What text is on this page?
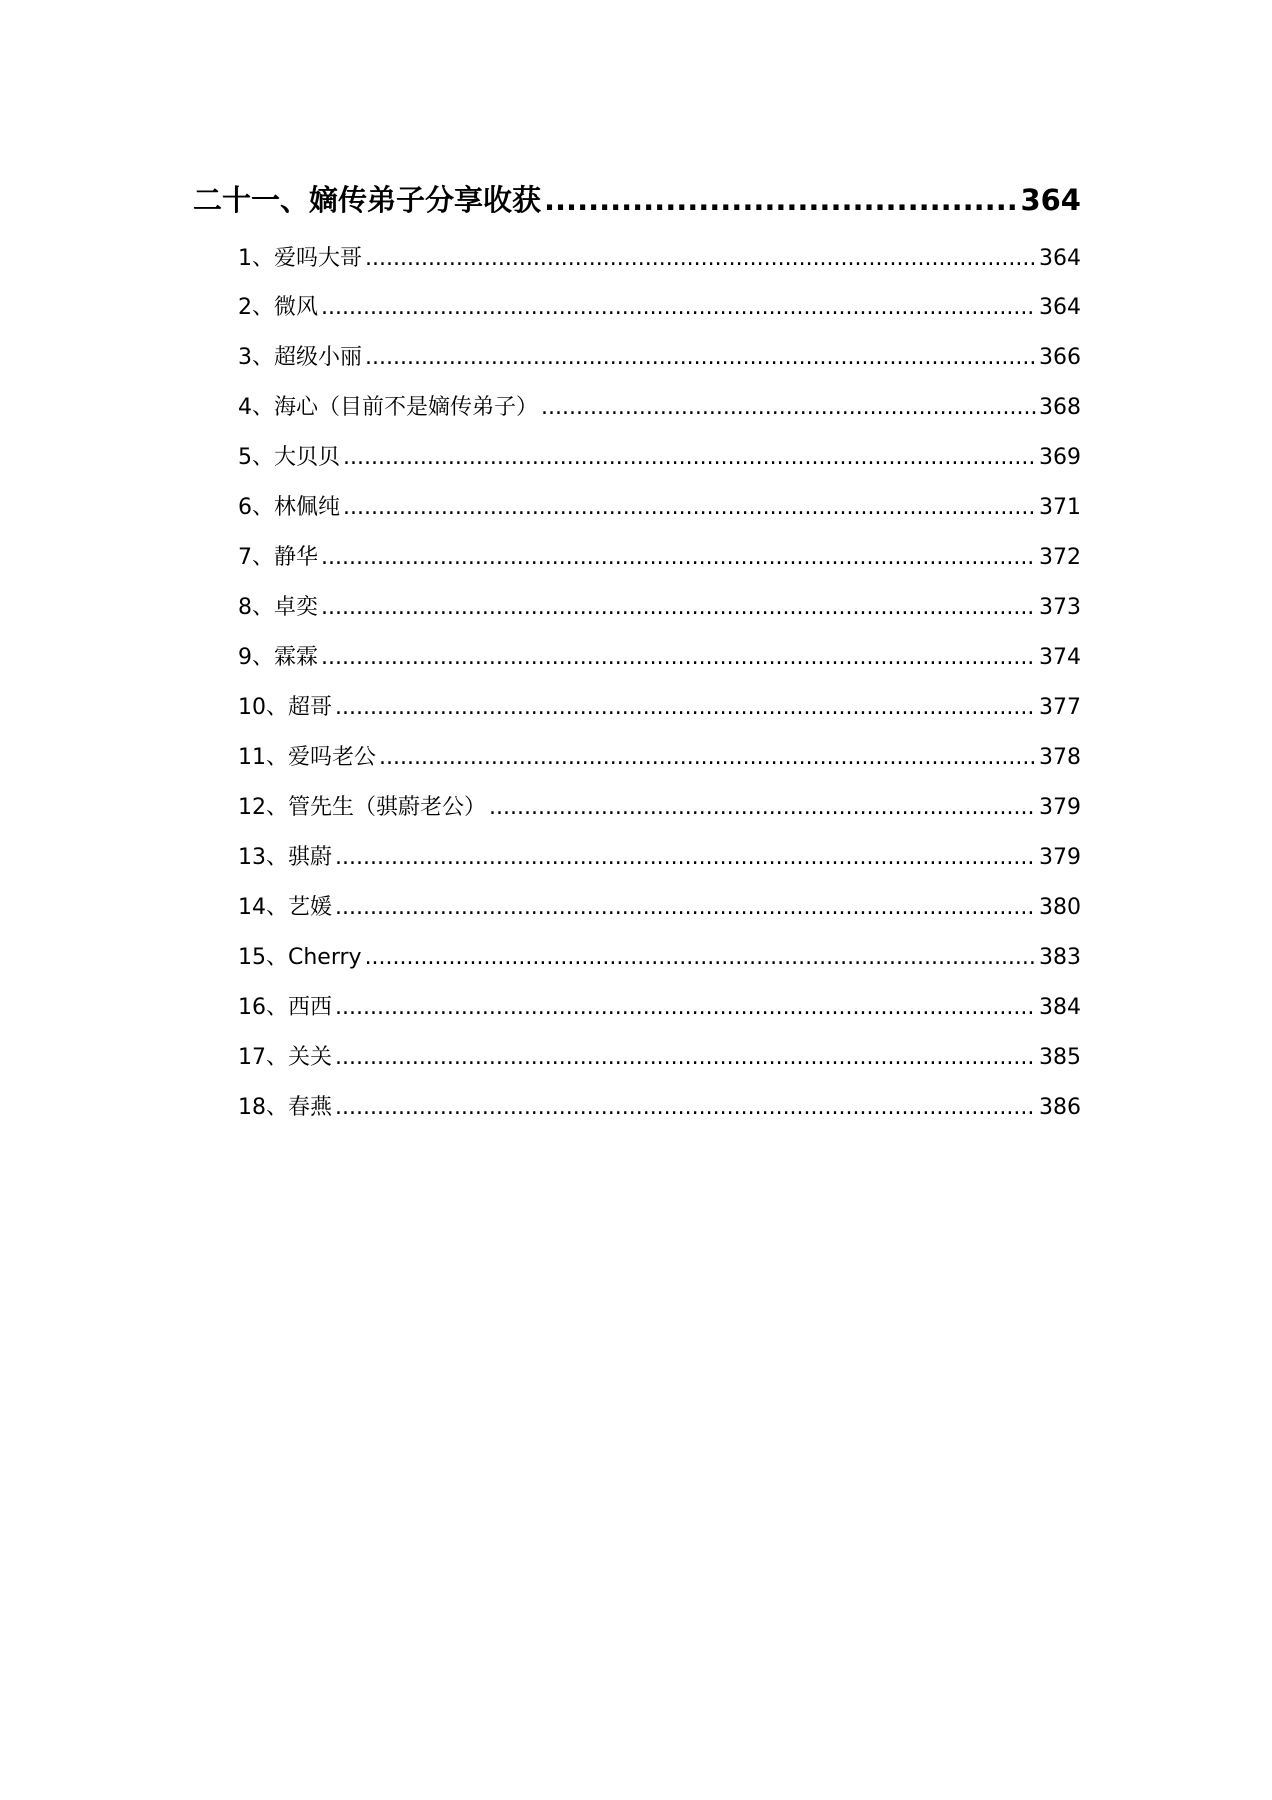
二十一、嫡传弟子分享收获 .....	364
1、爱吗大哥 .....	364
2、微风 .....	364
3、超级小丽 .....	366
4、海心（目前不是嫡传弟子） .....	368
5、大贝贝 .....	369
6、林佩纯 .....	371
7、静华 .....	372
8、卓奕 .....	373
9、霖霖 .....	374
10、超哥 .....	377
11、爱吗老公 .....	378
12、管先生（骐蔚老公） .....	379
13、骐蔚 .....	379
14、艺媛 .....	380
15、Cherry .....	383
16、西西 .....	384
17、关关 .....	385
18、春燕 .....	386
